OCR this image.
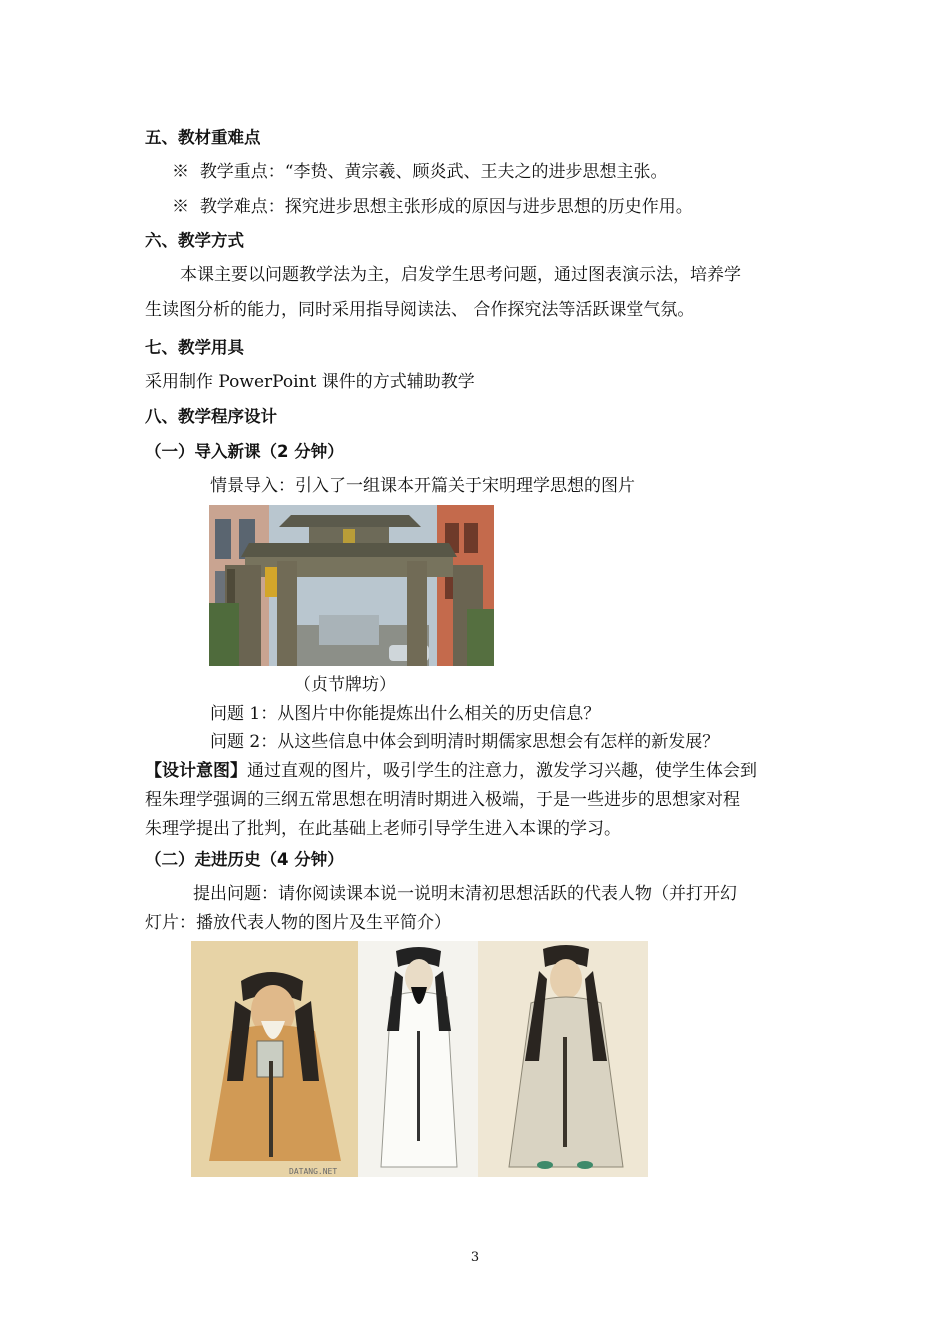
五、教材重难点
※ 教学重点：“李贽、黄宗羲、顾炎武、王夫之的进步思想主张。
※ 教学难点：探究进步思想主张形成的原因与进步思想的历史作用。
六、教学方式
本课主要以问题教学法为主，启发学生思考问题，通过图表演示法，培养学
生读图分析的能力，同时采用指导阅读法、 合作探究法等活跃课堂气氛。
七、教学用具
采用制作 PowerPoint 课件的方式辅助教学
八、教学程序设计
（一）导入新课（2 分钟）
情景导入：引入了一组课本开篇关于宋明理学思想的图片
（贞节牌坊）
问题 1：从图片中你能提炼出什么相关的历史信息？
问题 2：从这些信息中体会到明清时期儒家思想会有怎样的新发展？
【设计意图】通过直观的图片，吸引学生的注意力，激发学习兴趣，使学生体会到
程朱理学强调的三纲五常思想在明清时期进入极端，于是一些进步的思想家对程
朱理学提出了批判，在此基础上老师引导学生进入本课的学习。
（二）走进历史（4 分钟）
提出问题：请你阅读课本说一说明末清初思想活跃的代表人物（并打开幻
灯片：播放代表人物的图片及生平简介）
DATANG.NET
3
